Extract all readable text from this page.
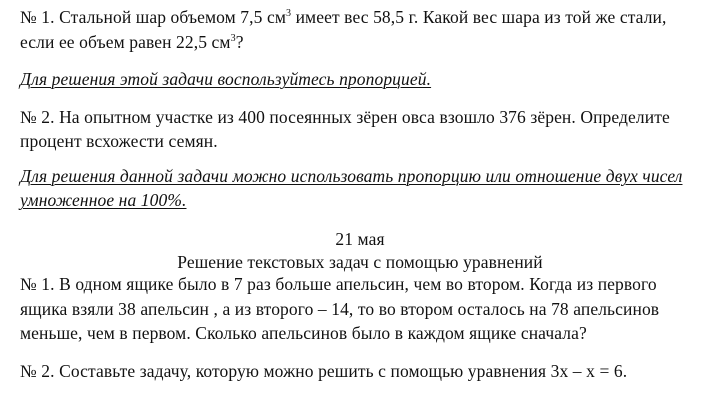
№ 1. Стальной шар объемом 7,5 $см^3$ имеет вес 58,5 г. Какой вес шара из той же стали,
если ее объем равен 22,5 $см^3$?
Для решения этой задачи воспользуйтесь пропорцией.
№ 2. На опытном участке из 400 посеянных зёрен овса взошло 376 зёрен. Определите
процент всхожести семян.
Для решения данной задачи можно использовать пропорцию или отношение двух чисел
умноженное на 100%.
21 мая
Решение текстовых задач с помощью уравнений
№ 1. В одном ящике было в 7 раз больше апельсин, чем во втором. Когда из первого
ящика взяли 38 апельсин , а из второго – 14, то во втором осталось на 78 апельсинов
меньше, чем в первом. Сколько апельсинов было в каждом ящике сначала?
№ 2. Составьте задачу, которую можно решить с помощью уравнения 3х – х = 6.
